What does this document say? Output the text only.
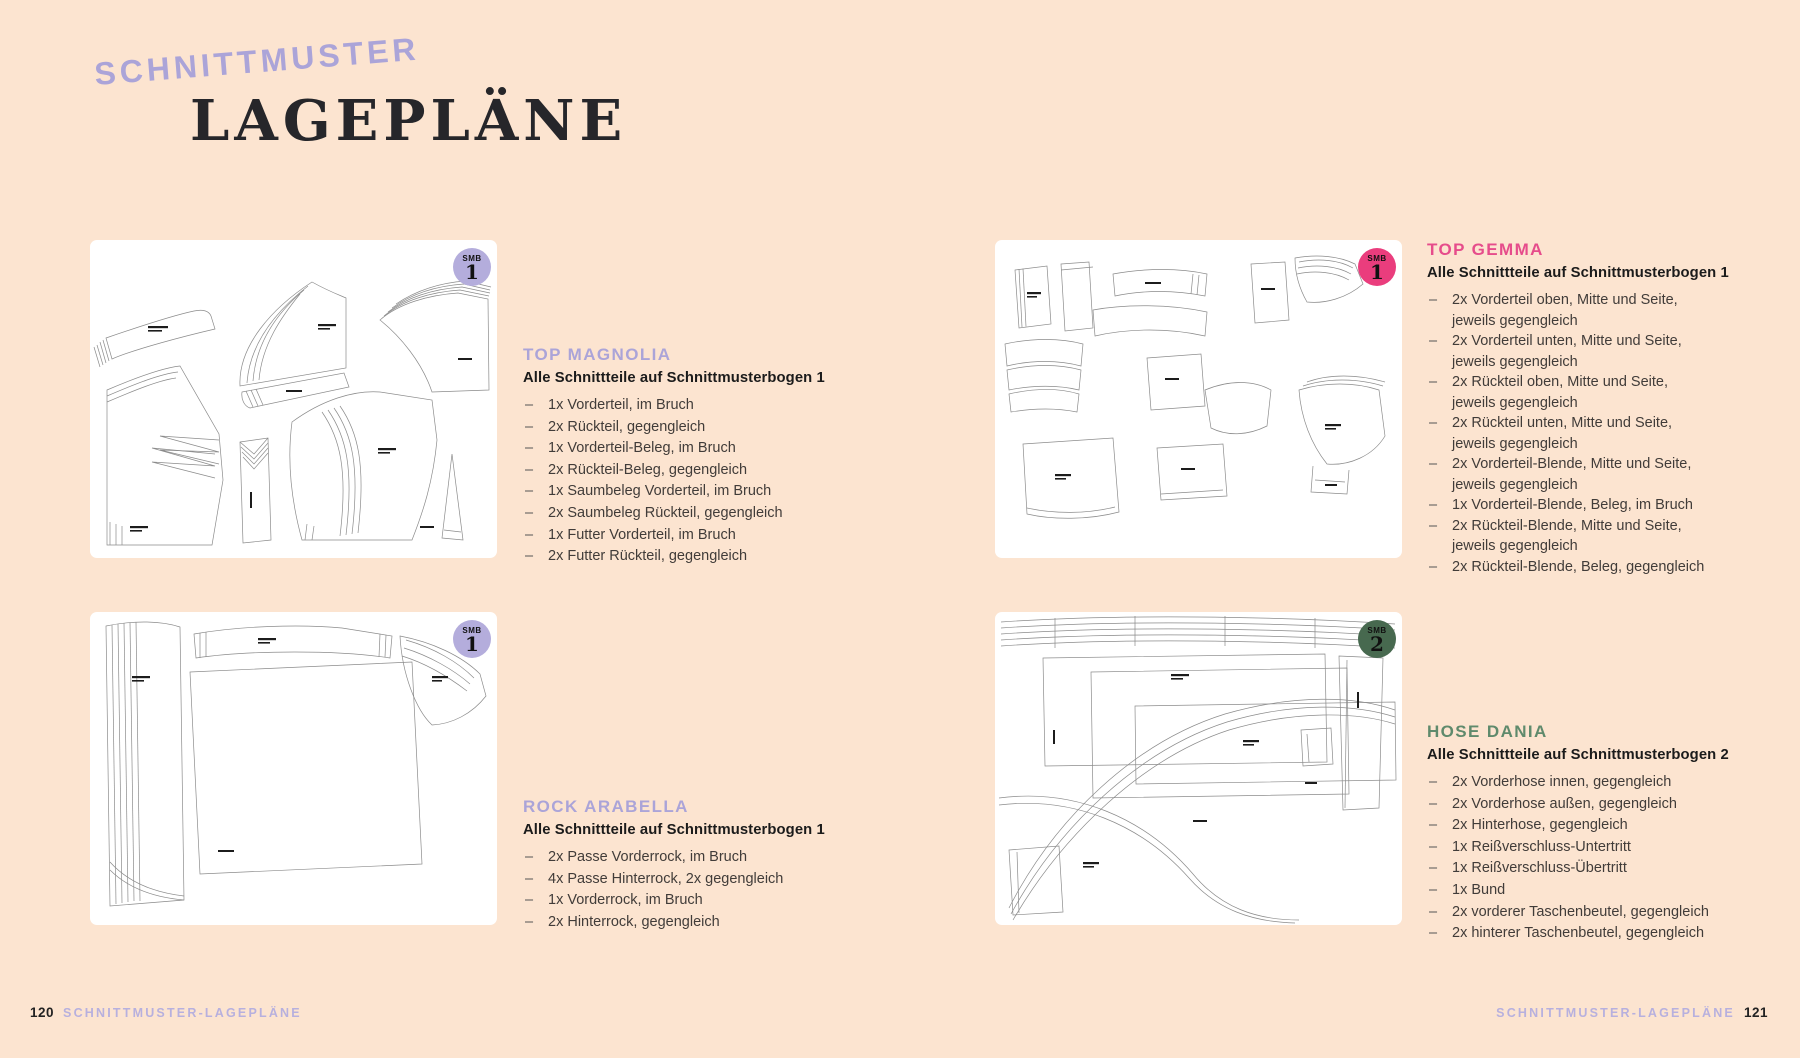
SCHNITTMUSTER
LAGEPLÄNE
SMB
1
SMB
1
SMB
1
SMB
2
TOP MAGNOLIA
Alle Schnittteile auf Schnittmusterbogen 1
– 1x Vorderteil, im Bruch
– 2x Rückteil, gegengleich
– 1x Vorderteil-Beleg, im Bruch
– 2x Rückteil-Beleg, gegengleich
– 1x Saumbeleg Vorderteil, im Bruch
– 2x Saumbeleg Rückteil, gegengleich
– 1x Futter Vorderteil, im Bruch
– 2x Futter Rückteil, gegengleich
ROCK ARABELLA
Alle Schnittteile auf Schnittmusterbogen 1
– 2x Passe Vorderrock, im Bruch
– 4x Passe Hinterrock, 2x gegengleich
– 1x Vorderrock, im Bruch
– 2x Hinterrock, gegengleich
TOP GEMMA
Alle Schnittteile auf Schnittmusterbogen 1
– 2x Vorderteil oben, Mitte und Seite,
jeweils gegengleich
– 2x Vorderteil unten, Mitte und Seite,
jeweils gegengleich
– 2x Rückteil oben, Mitte und Seite,
jeweils gegengleich
– 2x Rückteil unten, Mitte und Seite,
jeweils gegengleich
– 2x Vorderteil-Blende, Mitte und Seite,
jeweils gegengleich
– 1x Vorderteil-Blende, Beleg, im Bruch
– 2x Rückteil-Blende, Mitte und Seite,
jeweils gegengleich
– 2x Rückteil-Blende, Beleg, gegengleich
HOSE DANIA
Alle Schnittteile auf Schnittmusterbogen 2
– 2x Vorderhose innen, gegengleich
– 2x Vorderhose außen, gegengleich
– 2x Hinterhose, gegengleich
– 1x Reißverschluss-Untertritt
– 1x Reißverschluss-Übertritt
– 1x Bund
– 2x vorderer Taschenbeutel, gegengleich
– 2x hinterer Taschenbeutel, gegengleich
120 SCHNITTMUSTER-LAGEPLÄNE	SCHNITTMUSTER-LAGEPLÄNE 121
